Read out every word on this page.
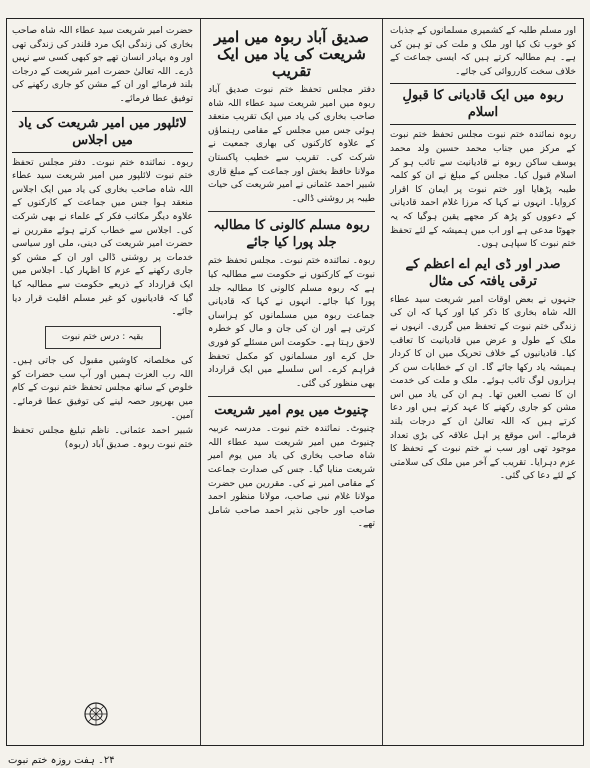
اور مسلم طلبہ کے کشمیری مسلمانوں کے جذبات کو خوب تک کیا اور ملک و ملت کی تو ہین کی ہے۔ ہم مطالبہ کرتے ہیں کہ ایسی جماعت کے خلاف سخت کارروائی کی جائے۔

ربوہ میں ایک قادیانی کا قبولِ اسلام

ربوہ نمائندہ ختم نبوت مجلس تحفظ ختم نبوت کے مرکز میں جناب محمد حسین ولد محمد یوسف ساکن ربوہ نے قادیانیت سے تائب ہو کر اسلام قبول کیا۔ مجلس کے مبلغ نے ان کو کلمہ طیبہ پڑھایا اور ختم نبوت پر ایمان کا اقرار کروایا۔ انہوں نے کہا کہ مرزا غلام احمد قادیانی کے دعووں کو پڑھ کر مجھے یقین ہوگیا کہ یہ جھوٹا مدعی ہے اور اب میں ہمیشہ کے لئے تحفظ ختم نبوت کا سپاہی ہوں۔

صدر اور ڈی ایم اے اعظم کے ترقی یافتہ کی مثال

جنہوں نے بعض اوقات امیر شریعت سید عطاء اللہ شاہ بخاری کا ذکر کیا اور کہا کہ ان کی زندگی ختم نبوت کے تحفظ میں گزری۔ انہوں نے ملک کے طول و عرض میں قادیانیت کا تعاقب کیا۔ قادیانیوں کے خلاف تحریک میں ان کا کردار ہمیشہ یاد رکھا جائے گا۔ ان کے خطابات سن کر ہزاروں لوگ تائب ہوئے۔ ملک و ملت کی خدمت ان کا نصب العین تھا۔ ہم ان کی یاد میں اس مشن کو جاری رکھنے کا عہد کرتے ہیں اور دعا کرتے ہیں کہ اللہ تعالیٰ ان کے درجات بلند فرمائے۔ اس موقع پر اہل علاقہ کی بڑی تعداد موجود تھی اور سب نے ختم نبوت کے تحفظ کا عزم دہرایا۔ تقریب کے آخر میں ملک کی سلامتی کے لئے دعا کی گئی۔

صدیق آباد ربوہ میں امیر شریعت کی یاد میں ایک تقریب

دفتر مجلس تحفظ ختم نبوت صدیق آباد ربوہ میں امیر شریعت سید عطاء اللہ شاہ صاحب بخاری کی یاد میں ایک تقریب منعقد ہوئی جس میں مجلس کے مقامی رہنماؤں کے علاوہ کارکنوں کی بھاری جمعیت نے شرکت کی۔ تقریب سے خطیب پاکستان مولانا حافظ بخش اور جماعت کے مبلغ قاری شبیر احمد عثمانی نے امیر شریعت کی حیات طیبہ پر روشنی ڈالی۔

ربوہ مسلم کالونی کا مطالبہ جلد پورا کیا جائے

ربوہ۔ نمائندہ ختم نبوت۔ مجلس تحفظ ختم نبوت کے کارکنوں نے حکومت سے مطالبہ کیا ہے کہ ربوہ مسلم کالونی کا مطالبہ جلد پورا کیا جائے۔ انہوں نے کہا کہ قادیانی جماعت ربوہ میں مسلمانوں کو ہراساں کرتی ہے اور ان کی جان و مال کو خطرہ لاحق رہتا ہے۔ حکومت اس مسئلے کو فوری حل کرے اور مسلمانوں کو مکمل تحفظ فراہم کرے۔ اس سلسلے میں ایک قرارداد بھی منظور کی گئی۔

چنیوٹ میں یوم امیر شریعت

چنیوٹ۔ نمائندہ ختم نبوت۔ مدرسہ عربیہ چنیوٹ میں امیر شریعت سید عطاء اللہ شاہ صاحب بخاری کی یاد میں یوم امیر شریعت منایا گیا۔ جس کی صدارت جماعت کے مقامی امیر نے کی۔ مقررین میں حضرت مولانا غلام نبی صاحب، مولانا منظور احمد صاحب اور حاجی نذیر احمد صاحب شامل تھے۔

حضرت امیر شریعت سید عطاء اللہ شاہ صاحب بخاری کی زندگی ایک مرد قلندر کی زندگی تھی اور وہ بہادر انسان تھے جو کبھی کسی سے نہیں ڈرے۔ اللہ تعالیٰ حضرت امیر شریعت کے درجات بلند فرمائے اور ان کے مشن کو جاری رکھنے کی توفیق عطا فرمائے۔

لائلپور میں امیر شریعت کی یاد میں اجلاس

ربوہ۔ نمائندہ ختم نبوت۔ دفتر مجلس تحفظ ختم نبوت لائلپور میں امیر شریعت سید عطاء اللہ شاہ صاحب بخاری کی یاد میں ایک اجلاس منعقد ہوا جس میں جماعت کے کارکنوں کے علاوہ دیگر مکاتب فکر کے علماء نے بھی شرکت کی۔ اجلاس سے خطاب کرتے ہوئے مقررین نے حضرت امیر شریعت کی دینی، ملی اور سیاسی خدمات پر روشنی ڈالی اور ان کے مشن کو جاری رکھنے کے عزم کا اظہار کیا۔ اجلاس میں ایک قرارداد کے ذریعے حکومت سے مطالبہ کیا گیا کہ قادیانیوں کو غیر مسلم اقلیت قرار دیا جائے۔

بقیہ : درس ختم نبوت

کی مخلصانہ کاوشیں مقبول کی جاتی ہیں۔ اللہ رب العزت ہمیں اور آپ سب حضرات کو خلوص کے ساتھ مجلس تحفظ ختم نبوت کے کام میں بھرپور حصہ لینے کی توفیق عطا فرمائے۔ آمین۔

شبیر احمد عثمانی۔ ناظم تبلیغ مجلس تحفظ ختم نبوت ربوہ۔ صدیق آباد (ربوہ)

۲۴۔ ہفت روزہ ختم نبوت
